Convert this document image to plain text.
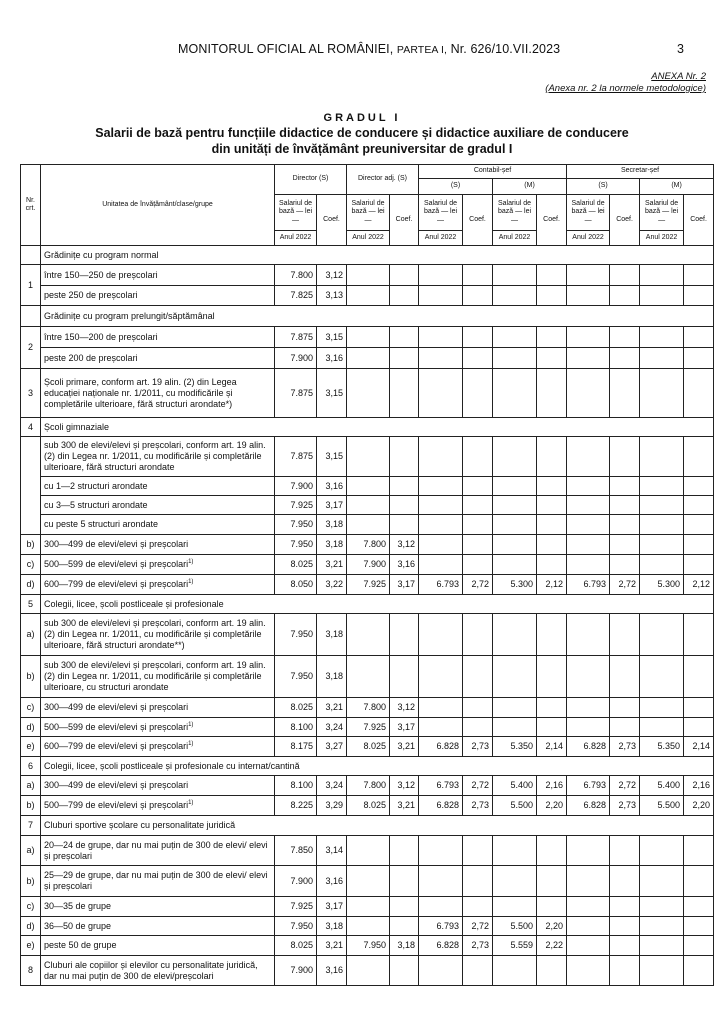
MONITORUL OFICIAL AL ROMÂNIEI, PARTEA I, Nr. 626/10.VII.2023	3
ANEXA Nr. 2
(Anexa nr. 2 la normele metodologice)
GRADUL I
Salarii de bază pentru funcțiile didactice de conducere și didactice auxiliare de conducere
din unități de învățământ preuniversitar de gradul I
Nr. crt.	Unitatea de învățământ/clase/grupe	Director (S)		Director adj. (S)		Contabil-șef				Secretar-șef			
						(S)		(M)		(S)		(M)	
		Salariul de bază — lei —	Coef.	Salariul de bază — lei —	Coef.	Salariul de bază — lei —	Coef.	Salariul de bază — lei —	Coef.	Salariul de bază — lei —	Coef.	Salariul de bază — lei —	Coef.
		Anul 2022		Anul 2022		Anul 2022		Anul 2022		Anul 2022		Anul 2022	
	Grădinițe cu program normal												
1	între 150—250 de preșcolari	7.800	3,12										
	peste 250 de preșcolari	7.825	3,13										
	Grădinițe cu program prelungit/săptămânal												
2	între 150—200 de preșcolari	7.875	3,15										
	peste 200 de preșcolari	7.900	3,16										
3	Școli primare, conform art. 19 alin. (2) din Legea educației naționale nr. 1/2011, cu modificările și completările ulterioare, fără structuri arondate*)	7.875	3,15										
4	Școli gimnaziale												
	sub 300 de elevi/elevi și preșcolari, conform art. 19 alin. (2) din Legea nr. 1/2011, cu modificările și completările ulterioare, fără structuri arondate	7.875	3,15										
	cu 1—2 structuri arondate	7.900	3,16										
	cu 3—5 structuri arondate	7.925	3,17										
	cu peste 5 structuri arondate	7.950	3,18										
b)	300—499 de elevi/elevi și preșcolari	7.950	3,18	7.800	3,12								
c)	500—599 de elevi/elevi și preșcolari$^{1)}$	8.025	3,21	7.900	3,16								
d)	600—799 de elevi/elevi și preșcolari$^{1)}$	8.050	3,22	7.925	3,17	6.793	2,72	5.300	2,12	6.793	2,72	5.300	2,12
5	Colegii, licee, școli postliceale și profesionale												
a)	sub 300 de elevi/elevi și preșcolari, conform art. 19 alin. (2) din Legea nr. 1/2011, cu modificările și completările ulterioare, fără structuri arondate**)	7.950	3,18										
b)	sub 300 de elevi/elevi și preșcolari, conform art. 19 alin. (2) din Legea nr. 1/2011, cu modificările și completările ulterioare, cu structuri arondate	7.950	3,18										
c)	300—499 de elevi/elevi și preșcolari	8.025	3,21	7.800	3,12								
d)	500—599 de elevi/elevi și preșcolari$^{1)}$	8.100	3,24	7.925	3,17								
e)	600—799 de elevi/elevi și preșcolari$^{1)}$	8.175	3,27	8.025	3,21	6.828	2,73	5.350	2,14	6.828	2,73	5.350	2,14
6	Colegii, licee, școli postliceale și profesionale cu internat/cantină												
a)	300—499 de elevi/elevi și preșcolari	8.100	3,24	7.800	3,12	6.793	2,72	5.400	2,16	6.793	2,72	5.400	2,16
b)	500—799 de elevi/elevi și preșcolari$^{1)}$	8.225	3,29	8.025	3,21	6.828	2,73	5.500	2,20	6.828	2,73	5.500	2,20
7	Cluburi sportive școlare cu personalitate juridică												
a)	20—24 de grupe, dar nu mai puțin de 300 de elevi/ elevi și preșcolari	7.850	3,14										
b)	25—29 de grupe, dar nu mai puțin de 300 de elevi/ elevi și preșcolari	7.900	3,16										
c)	30—35 de grupe	7.925	3,17										
d)	36—50 de grupe	7.950	3,18			6.793	2,72	5.500	2,20				
e)	peste 50 de grupe	8.025	3,21	7.950	3,18	6.828	2,73	5.559	2,22				
8	Cluburi ale copiilor și elevilor cu personalitate juridică, dar nu mai puțin de 300 de elevi/preșcolari	7.900	3,16										
